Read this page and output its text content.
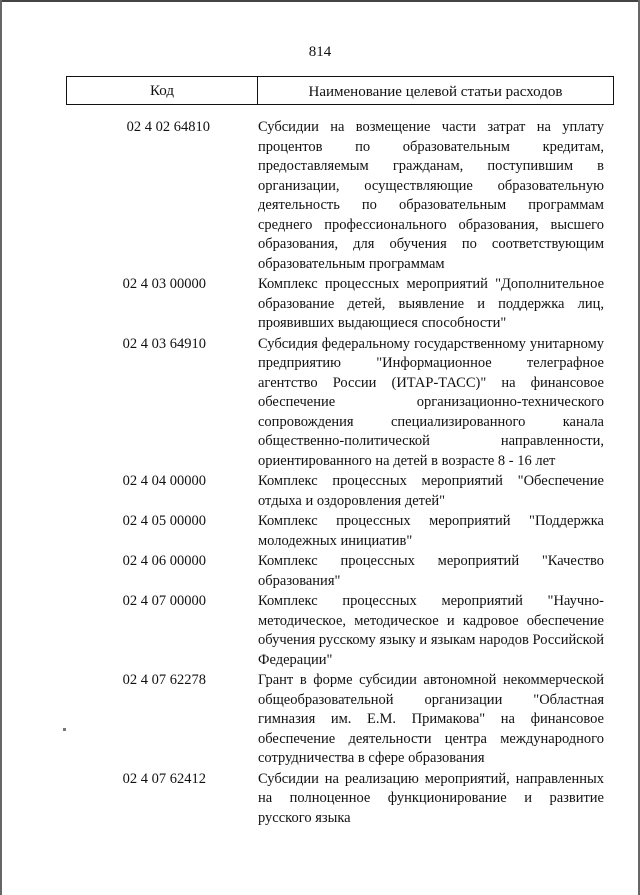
814
Код	Наименование целевой статьи расходов
02 4 02 64810	Субсидии на возмещение части затрат на уплату процентов по образовательным кредитам, предоставляемым гражданам, поступившим в организации, осуществляющие образовательную деятельность по образовательным программам среднего профессионального образования, высшего образования, для обучения по соответствующим образовательным программам
02 4 03 00000	Комплекс процессных мероприятий "Дополнительное образование детей, выявление и поддержка лиц, проявивших выдающиеся способности"
02 4 03 64910	Субсидия федеральному государственному унитарному предприятию "Информационное телеграфное агентство России (ИТАР-ТАСС)" на финансовое обеспечение организационно-технического сопровождения специализированного канала общественно-политической направленности, ориентированного на детей в возрасте 8 - 16 лет
02 4 04 00000	Комплекс процессных мероприятий "Обеспечение отдыха и оздоровления детей"
02 4 05 00000	Комплекс процессных мероприятий "Поддержка молодежных инициатив"
02 4 06 00000	Комплекс процессных мероприятий "Качество образования"
02 4 07 00000	Комплекс процессных мероприятий "Научно-методическое, методическое и кадровое обеспечение обучения русскому языку и языкам народов Российской Федерации"
02 4 07 62278	Грант в форме субсидии автономной некоммерческой общеобразовательной организации "Областная гимназия им. Е.М. Примакова" на финансовое обеспечение деятельности центра международного сотрудничества в сфере образования
02 4 07 62412	Субсидии на реализацию мероприятий, направленных на полноценное функционирование и развитие русского языка
